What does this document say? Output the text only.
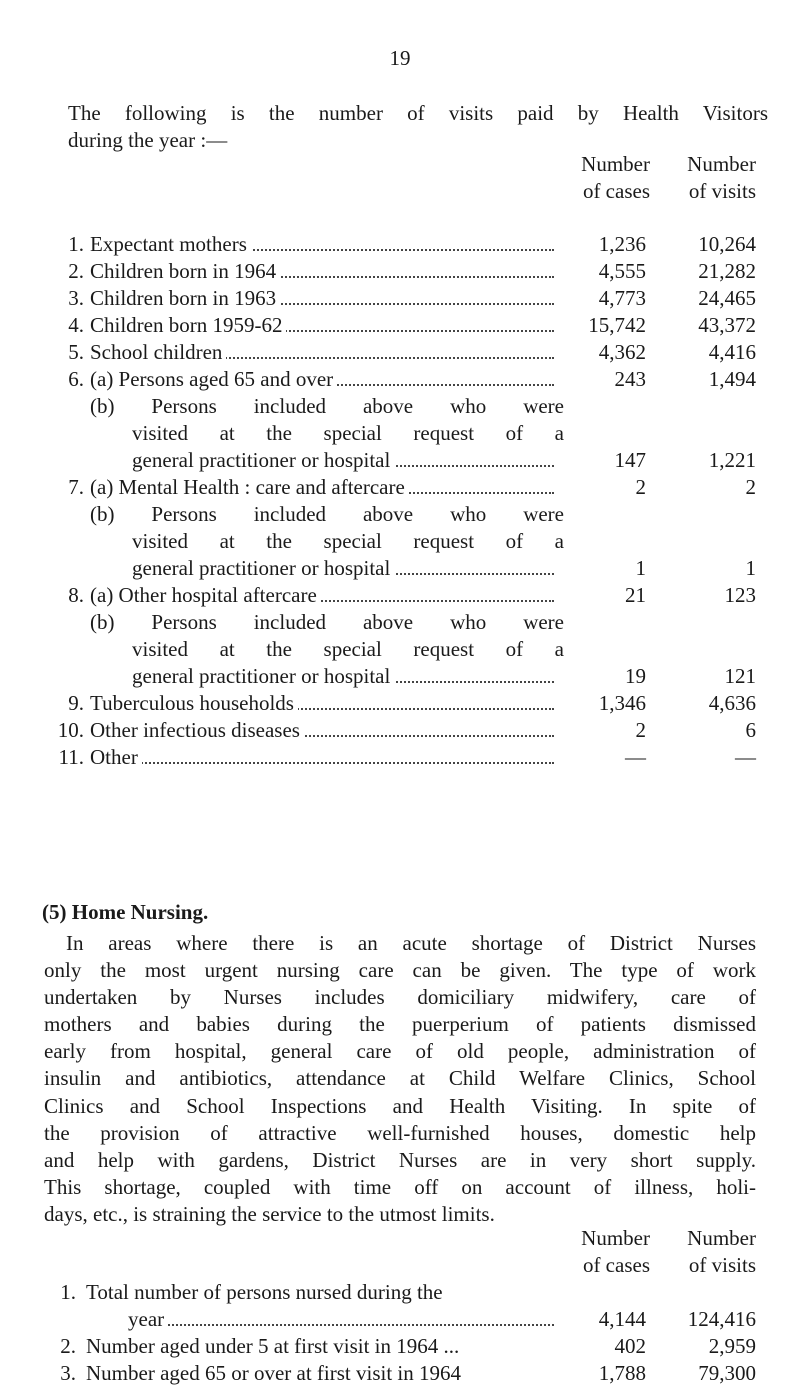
19
The following is the number of visits paid by Health Visitors
during the year :—
Number
of cases
Number
of visits
1. Expectant mothers	1,236	10,264
2. Children born in 1964	4,555	21,282
3. Children born in 1963	4,773	24,465
4. Children born 1959-62	15,742	43,372
5. School children	4,362	4,416
6. (a) Persons aged 65 and over	243	1,494
(b) Persons included above who were
visited at the special request of a
general practitioner or hospital	147	1,221
7. (a) Mental Health : care and aftercare	2	2
(b) Persons included above who were
visited at the special request of a
general practitioner or hospital	1	1
8. (a) Other hospital aftercare	21	123
(b) Persons included above who were
visited at the special request of a
general practitioner or hospital	19	121
9. Tuberculous households	1,346	4,636
10. Other infectious diseases	2	6
11. Other	—	—
(5) Home Nursing.
In areas where there is an acute shortage of District Nurses
only the most urgent nursing care can be given. The type of work
undertaken by Nurses includes domiciliary midwifery, care of
mothers and babies during the puerperium of patients dismissed
early from hospital, general care of old people, administration of
insulin and antibiotics, attendance at Child Welfare Clinics, School
Clinics and School Inspections and Health Visiting. In spite of
the provision of attractive well-furnished houses, domestic help
and help with gardens, District Nurses are in very short supply.
This shortage, coupled with time off on account of illness, holi-
days, etc., is straining the service to the utmost limits.
Number
of cases
Number
of visits
1. Total number of persons nursed during the
year	4,144	124,416
2. Number aged under 5 at first visit in 1964 ...	402	2,959
3. Number aged 65 or over at first visit in 1964	1,788	79,300
